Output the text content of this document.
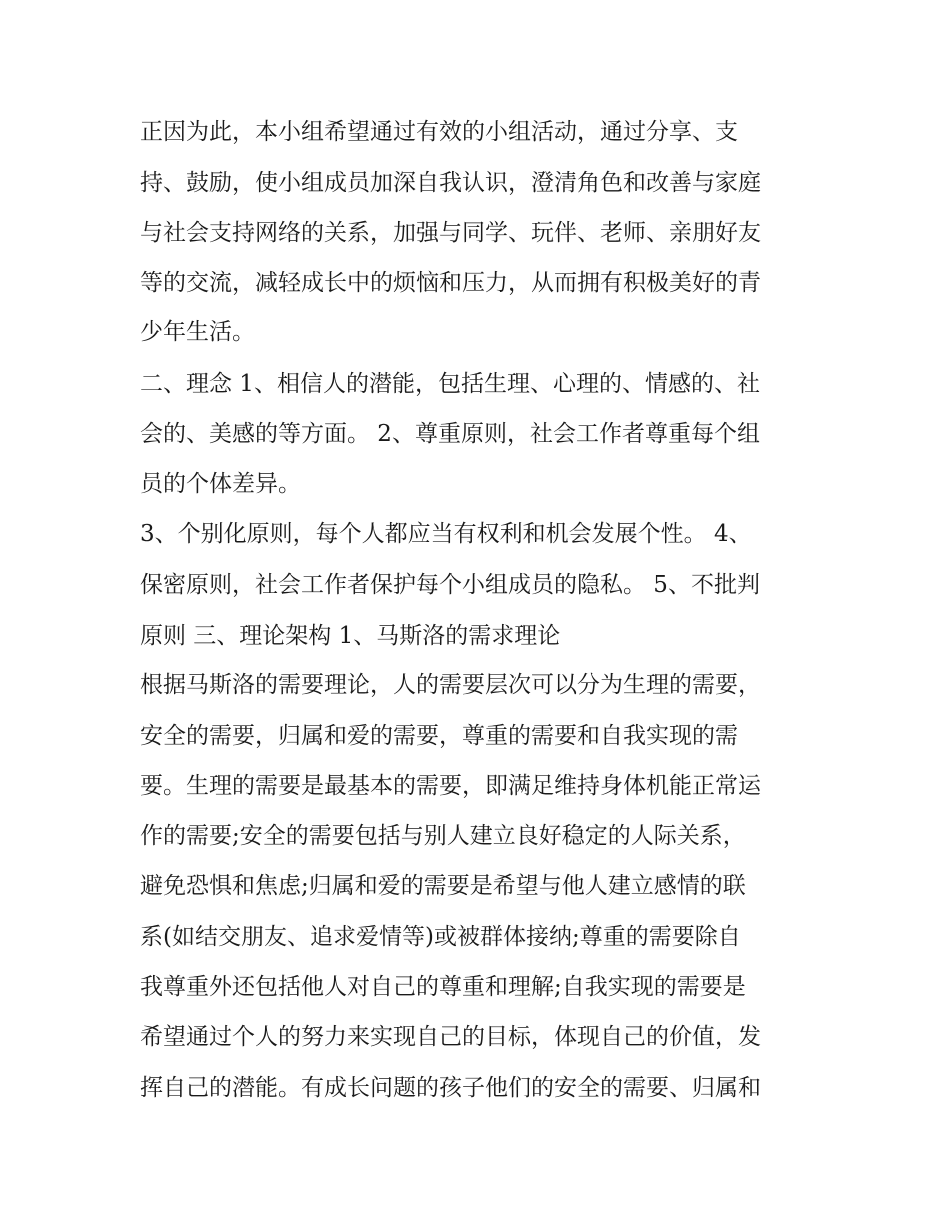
正因为此，本小组希望通过有效的小组活动，通过分享、支
持、鼓励，使小组成员加深自我认识，澄清角色和改善与家庭
与社会支持网络的关系，加强与同学、玩伴、老师、亲朋好友
等的交流，减轻成长中的烦恼和压力，从而拥有积极美好的青
少年生活。
二、理念 1、相信人的潜能，包括生理、心理的、情感的、社
会的、美感的等方面。 2、尊重原则，社会工作者尊重每个组
员的个体差异。
3、个别化原则，每个人都应当有权利和机会发展个性。 4、
保密原则，社会工作者保护每个小组成员的隐私。 5、不批判
原则 三、理论架构 1、马斯洛的需求理论
根据马斯洛的需要理论，人的需要层次可以分为生理的需要，
安全的需要，归属和爱的需要，尊重的需要和自我实现的需
要。生理的需要是最基本的需要，即满足维持身体机能正常运
作的需要;安全的需要包括与别人建立良好稳定的人际关系，
避免恐惧和焦虑;归属和爱的需要是希望与他人建立感情的联
系(如结交朋友、追求爱情等)或被群体接纳;尊重的需要除自
我尊重外还包括他人对自己的尊重和理解;自我实现的需要是
希望通过个人的努力来实现自己的目标，体现自己的价值，发
挥自己的潜能。有成长问题的孩子他们的安全的需要、归属和
